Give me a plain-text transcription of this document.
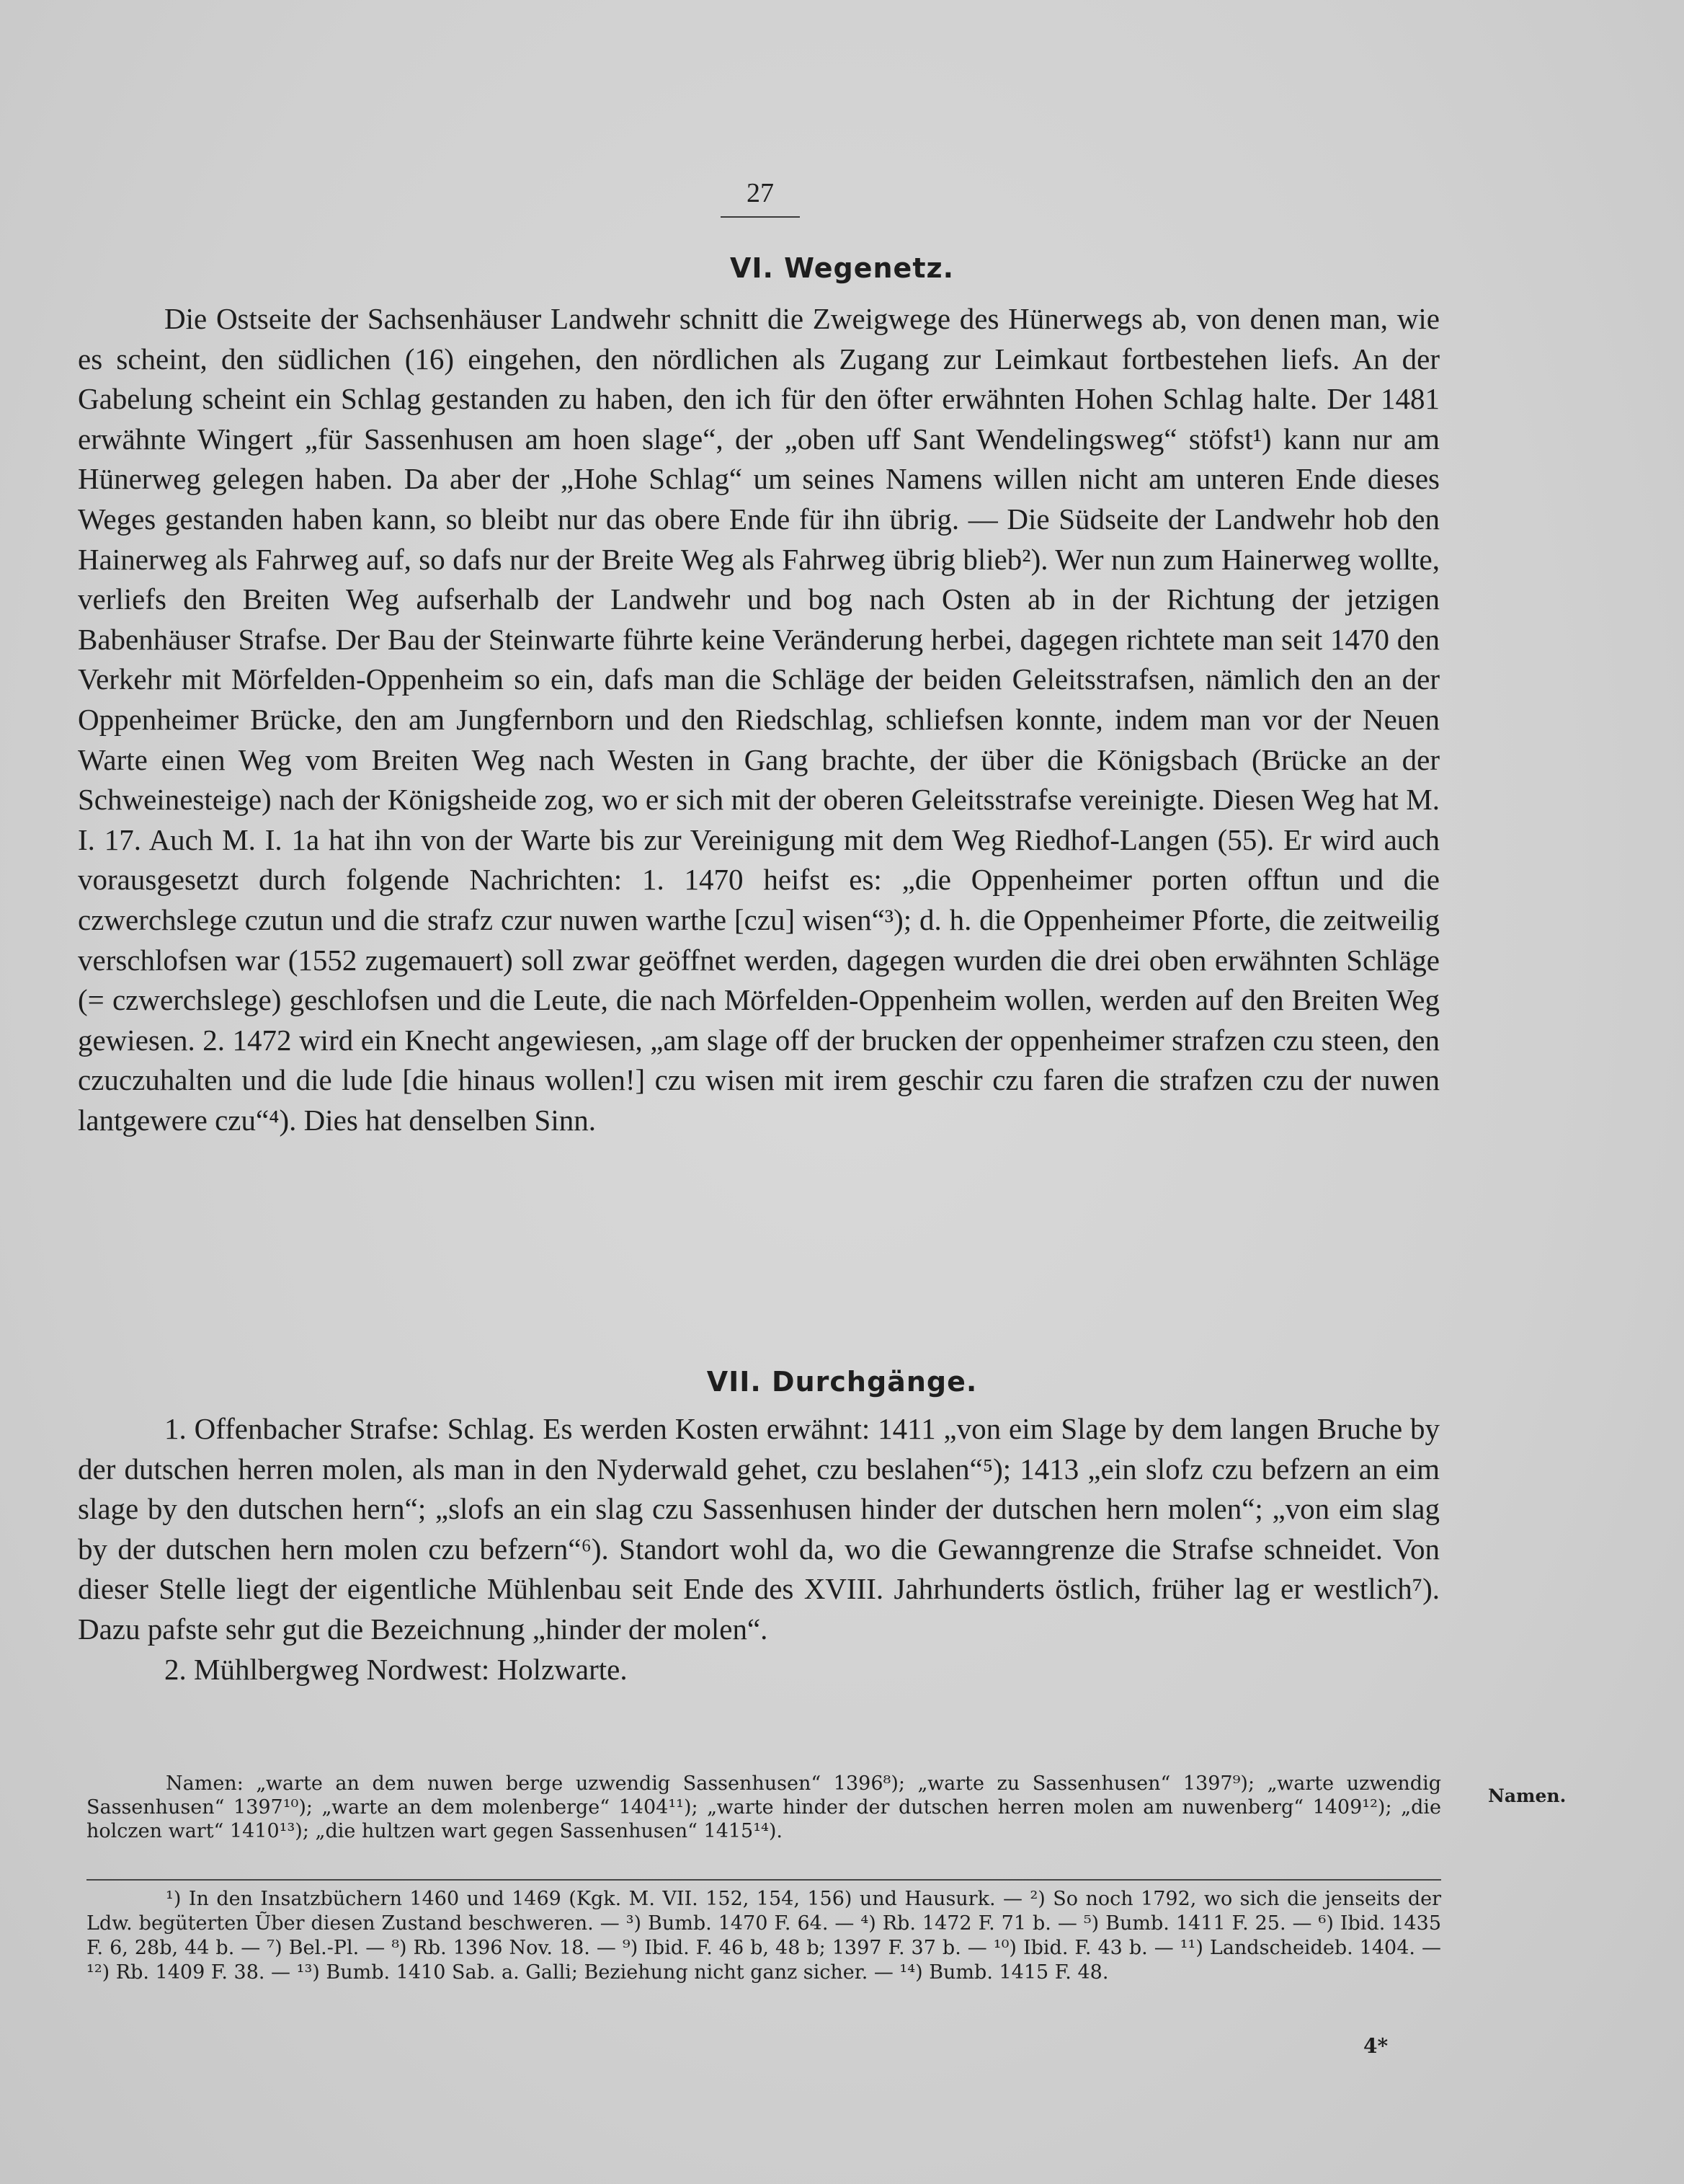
27
VI. Wegenetz.

Die Ostseite der Sachsenhäuser Landwehr schnitt die Zweigwege des Hünerwegs ab, von denen man, wie es scheint, den südlichen (16) eingehen, den nördlichen als Zugang zur Leimkaut fortbestehen liefs. An der Gabelung scheint ein Schlag gestanden zu haben, den ich für den öfter erwähnten Hohen Schlag halte. Der 1481 erwähnte Wingert „für Sassenhusen am hoen slage“, der „oben uff Sant Wendelingsweg“ stöfst¹) kann nur am Hünerweg gelegen haben. Da aber der „Hohe Schlag“ um seines Namens willen nicht am unteren Ende dieses Weges gestanden haben kann, so bleibt nur das obere Ende für ihn übrig. — Die Südseite der Landwehr hob den Hainerweg als Fahrweg auf, so dafs nur der Breite Weg als Fahrweg übrig blieb²). Wer nun zum Hainerweg wollte, verliefs den Breiten Weg aufserhalb der Landwehr und bog nach Osten ab in der Richtung der jetzigen Babenhäuser Strafse. Der Bau der Steinwarte führte keine Veränderung herbei, dagegen richtete man seit 1470 den Verkehr mit Mörfelden-Oppenheim so ein, dafs man die Schläge der beiden Geleitsstrafsen, nämlich den an der Oppenheimer Brücke, den am Jungfernborn und den Riedschlag, schliefsen konnte, indem man vor der Neuen Warte einen Weg vom Breiten Weg nach Westen in Gang brachte, der über die Königsbach (Brücke an der Schweinesteige) nach der Königsheide zog, wo er sich mit der oberen Geleitsstrafse vereinigte. Diesen Weg hat M. I. 17. Auch M. I. 1a hat ihn von der Warte bis zur Vereinigung mit dem Weg Riedhof-Langen (55). Er wird auch vorausgesetzt durch folgende Nachrichten: 1. 1470 heifst es: „die Oppenheimer porten offtun und die czwerchslege czutun und die strafz czur nuwen warthe [czu] wisen“³); d. h. die Oppenheimer Pforte, die zeitweilig verschlofsen war (1552 zugemauert) soll zwar geöffnet werden, dagegen wurden die drei oben erwähnten Schläge (= czwerchslege) geschlofsen und die Leute, die nach Mörfelden-Oppenheim wollen, werden auf den Breiten Weg gewiesen. 2. 1472 wird ein Knecht angewiesen, „am slage off der brucken der oppenheimer strafzen czu steen, den czuczuhalten und die lude [die hinaus wollen!] czu wisen mit irem geschir czu faren die strafzen czu der nuwen lantgewere czu“⁴). Dies hat denselben Sinn.

VII. Durchgänge.

1. Offenbacher Strafse: Schlag. Es werden Kosten erwähnt: 1411 „von eim Slage by dem langen Bruche by der dutschen herren molen, als man in den Nyderwald gehet, czu beslahen“⁵); 1413 „ein slofz czu befzern an eim slage by den dutschen hern“; „slofs an ein slag czu Sassenhusen hinder der dutschen hern molen“; „von eim slag by der dutschen hern molen czu befzern“⁶). Standort wohl da, wo die Gewanngrenze die Strafse schneidet. Von dieser Stelle liegt der eigentliche Mühlenbau seit Ende des XVIII. Jahrhunderts östlich, früher lag er westlich⁷). Dazu pafste sehr gut die Bezeichnung „hinder der molen“.

2. Mühlbergweg Nordwest: Holzwarte.

Namen: „warte an dem nuwen berge uzwendig Sassenhusen“ 1396⁸); „warte zu Sassenhusen“ 1397⁹); „warte uzwendig Sassenhusen“ 1397¹⁰); „warte an dem molenberge“ 1404¹¹); „warte hinder der dutschen herren molen am nuwenberg“ 1409¹²); „die holczen wart“ 1410¹³); „die hultzen wart gegen Sassenhusen“ 1415¹⁴).

Namen.

¹) In den Insatzbüchern 1460 und 1469 (Kgk. M. VII. 152, 154, 156) und Hausurk. — ²) So noch 1792, wo sich die jenseits der Ldw. begüterten Ũber diesen Zustand beschweren. — ³) Bumb. 1470 F. 64. — ⁴) Rb. 1472 F. 71 b. — ⁵) Bumb. 1411 F. 25. — ⁶) Ibid. 1435 F. 6, 28b, 44 b. — ⁷) Bel.-Pl. — ⁸) Rb. 1396 Nov. 18. — ⁹) Ibid. F. 46 b, 48 b; 1397 F. 37 b. — ¹⁰) Ibid. F. 43 b. — ¹¹) Landscheideb. 1404. — ¹²) Rb. 1409 F. 38. — ¹³) Bumb. 1410 Sab. a. Galli; Beziehung nicht ganz sicher. — ¹⁴) Bumb. 1415 F. 48.

4*
